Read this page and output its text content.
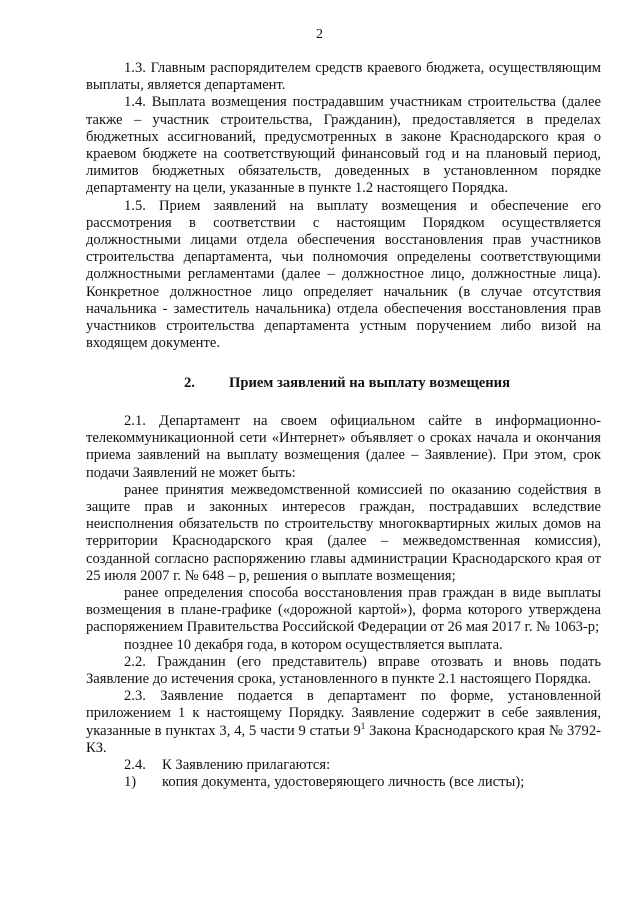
2

1.3. Главным распорядителем средств краевого бюджета, осуществляющим выплаты, является департамент.

1.4. Выплата возмещения пострадавшим участникам строительства (далее также – участник строительства, Гражданин), предоставляется в пределах бюджетных ассигнований, предусмотренных в законе Краснодарского края о краевом бюджете на соответствующий финансовый год и на плановый период, лимитов бюджетных обязательств, доведенных в установленном порядке департаменту на цели, указанные в пункте 1.2 настоящего Порядка.

1.5. Прием заявлений на выплату возмещения и обеспечение его рассмотрения в соответствии с настоящим Порядком осуществляется должностными лицами отдела обеспечения восстановления прав участников строительства департамента, чьи полномочия определены соответствующими должностными регламентами (далее – должностное лицо, должностные лица). Конкретное должностное лицо определяет начальник (в случае отсутствия начальника - заместитель начальника) отдела обеспечения восстановления прав участников строительства департамента устным поручением либо визой на входящем документе.

2. Прием заявлений на выплату возмещения

2.1. Департамент на своем официальном сайте в информационно-телекоммуникационной сети «Интернет» объявляет о сроках начала и окончания приема заявлений на выплату возмещения (далее – Заявление). При этом, срок подачи Заявлений не может быть:

ранее принятия межведомственной комиссией по оказанию содействия в защите прав и законных интересов граждан, пострадавших вследствие неисполнения обязательств по строительству многоквартирных жилых домов на территории Краснодарского края (далее – межведомственная комиссия), созданной согласно распоряжению главы администрации Краснодарского края от 25 июля 2007 г. № 648 – р, решения о выплате возмещения;

ранее определения способа восстановления прав граждан в виде выплаты возмещения в плане-графике («дорожной картой»), форма которого утверждена распоряжением Правительства Российской Федерации от 26 мая 2017 г. № 1063-р;

позднее 10 декабря года, в котором осуществляется выплата.

2.2. Гражданин (его представитель) вправе отозвать и вновь подать Заявление до истечения срока, установленного в пункте 2.1 настоящего Порядка.

2.3. Заявление подается в департамент по форме, установленной приложением 1 к настоящему Порядку. Заявление содержит в себе заявления, указанные в пунктах 3, 4, 5 части 9 статьи $9^1$ Закона Краснодарского края № 3792-КЗ.

2.4.	К Заявлению прилагаются:
1)	копия документа, удостоверяющего личность (все листы);
